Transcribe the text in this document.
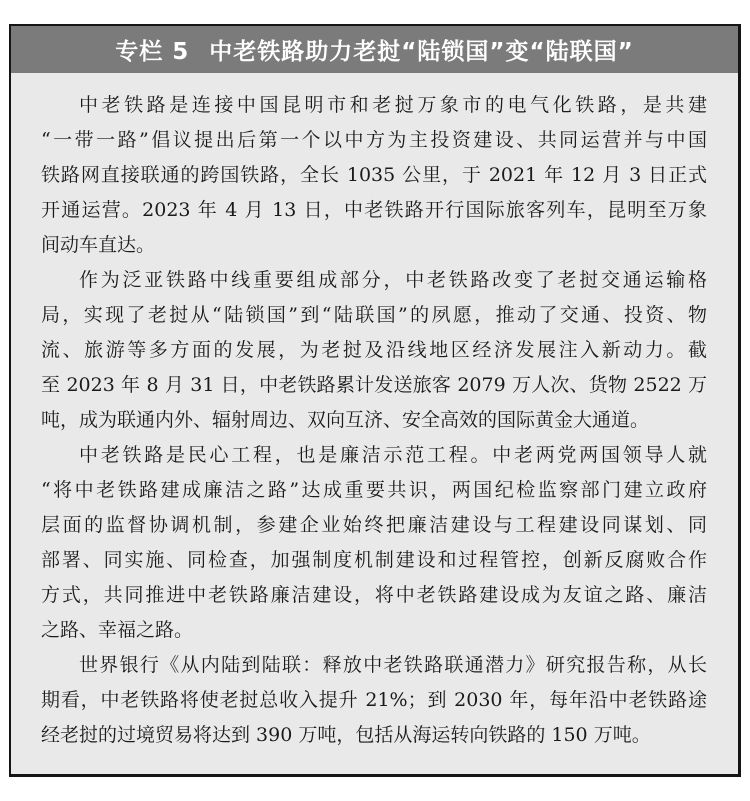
专栏 5 中老铁路助力老挝“陆锁国”变“陆联国”
中老铁路是连接中国昆明市和老挝万象市的电气化铁路，是共建
“一带一路”倡议提出后第一个以中方为主投资建设、共同运营并与中国
铁路网直接联通的跨国铁路，全长 1035 公里，于 2021 年 12 月 3 日正式
开通运营。2023 年 4 月 13 日，中老铁路开行国际旅客列车，昆明至万象
间动车直达。
作为泛亚铁路中线重要组成部分，中老铁路改变了老挝交通运输格
局，实现了老挝从“陆锁国”到“陆联国”的夙愿，推动了交通、投资、物
流、旅游等多方面的发展，为老挝及沿线地区经济发展注入新动力。截
至 2023 年 8 月 31 日，中老铁路累计发送旅客 2079 万人次、货物 2522 万
吨，成为联通内外、辐射周边、双向互济、安全高效的国际黄金大通道。
中老铁路是民心工程，也是廉洁示范工程。中老两党两国领导人就
“将中老铁路建成廉洁之路”达成重要共识，两国纪检监察部门建立政府
层面的监督协调机制，参建企业始终把廉洁建设与工程建设同谋划、同
部署、同实施、同检查，加强制度机制建设和过程管控，创新反腐败合作
方式，共同推进中老铁路廉洁建设，将中老铁路建设成为友谊之路、廉洁
之路、幸福之路。
世界银行《从内陆到陆联：释放中老铁路联通潜力》研究报告称，从长
期看，中老铁路将使老挝总收入提升 21%；到 2030 年，每年沿中老铁路途
经老挝的过境贸易将达到 390 万吨，包括从海运转向铁路的 150 万吨。
